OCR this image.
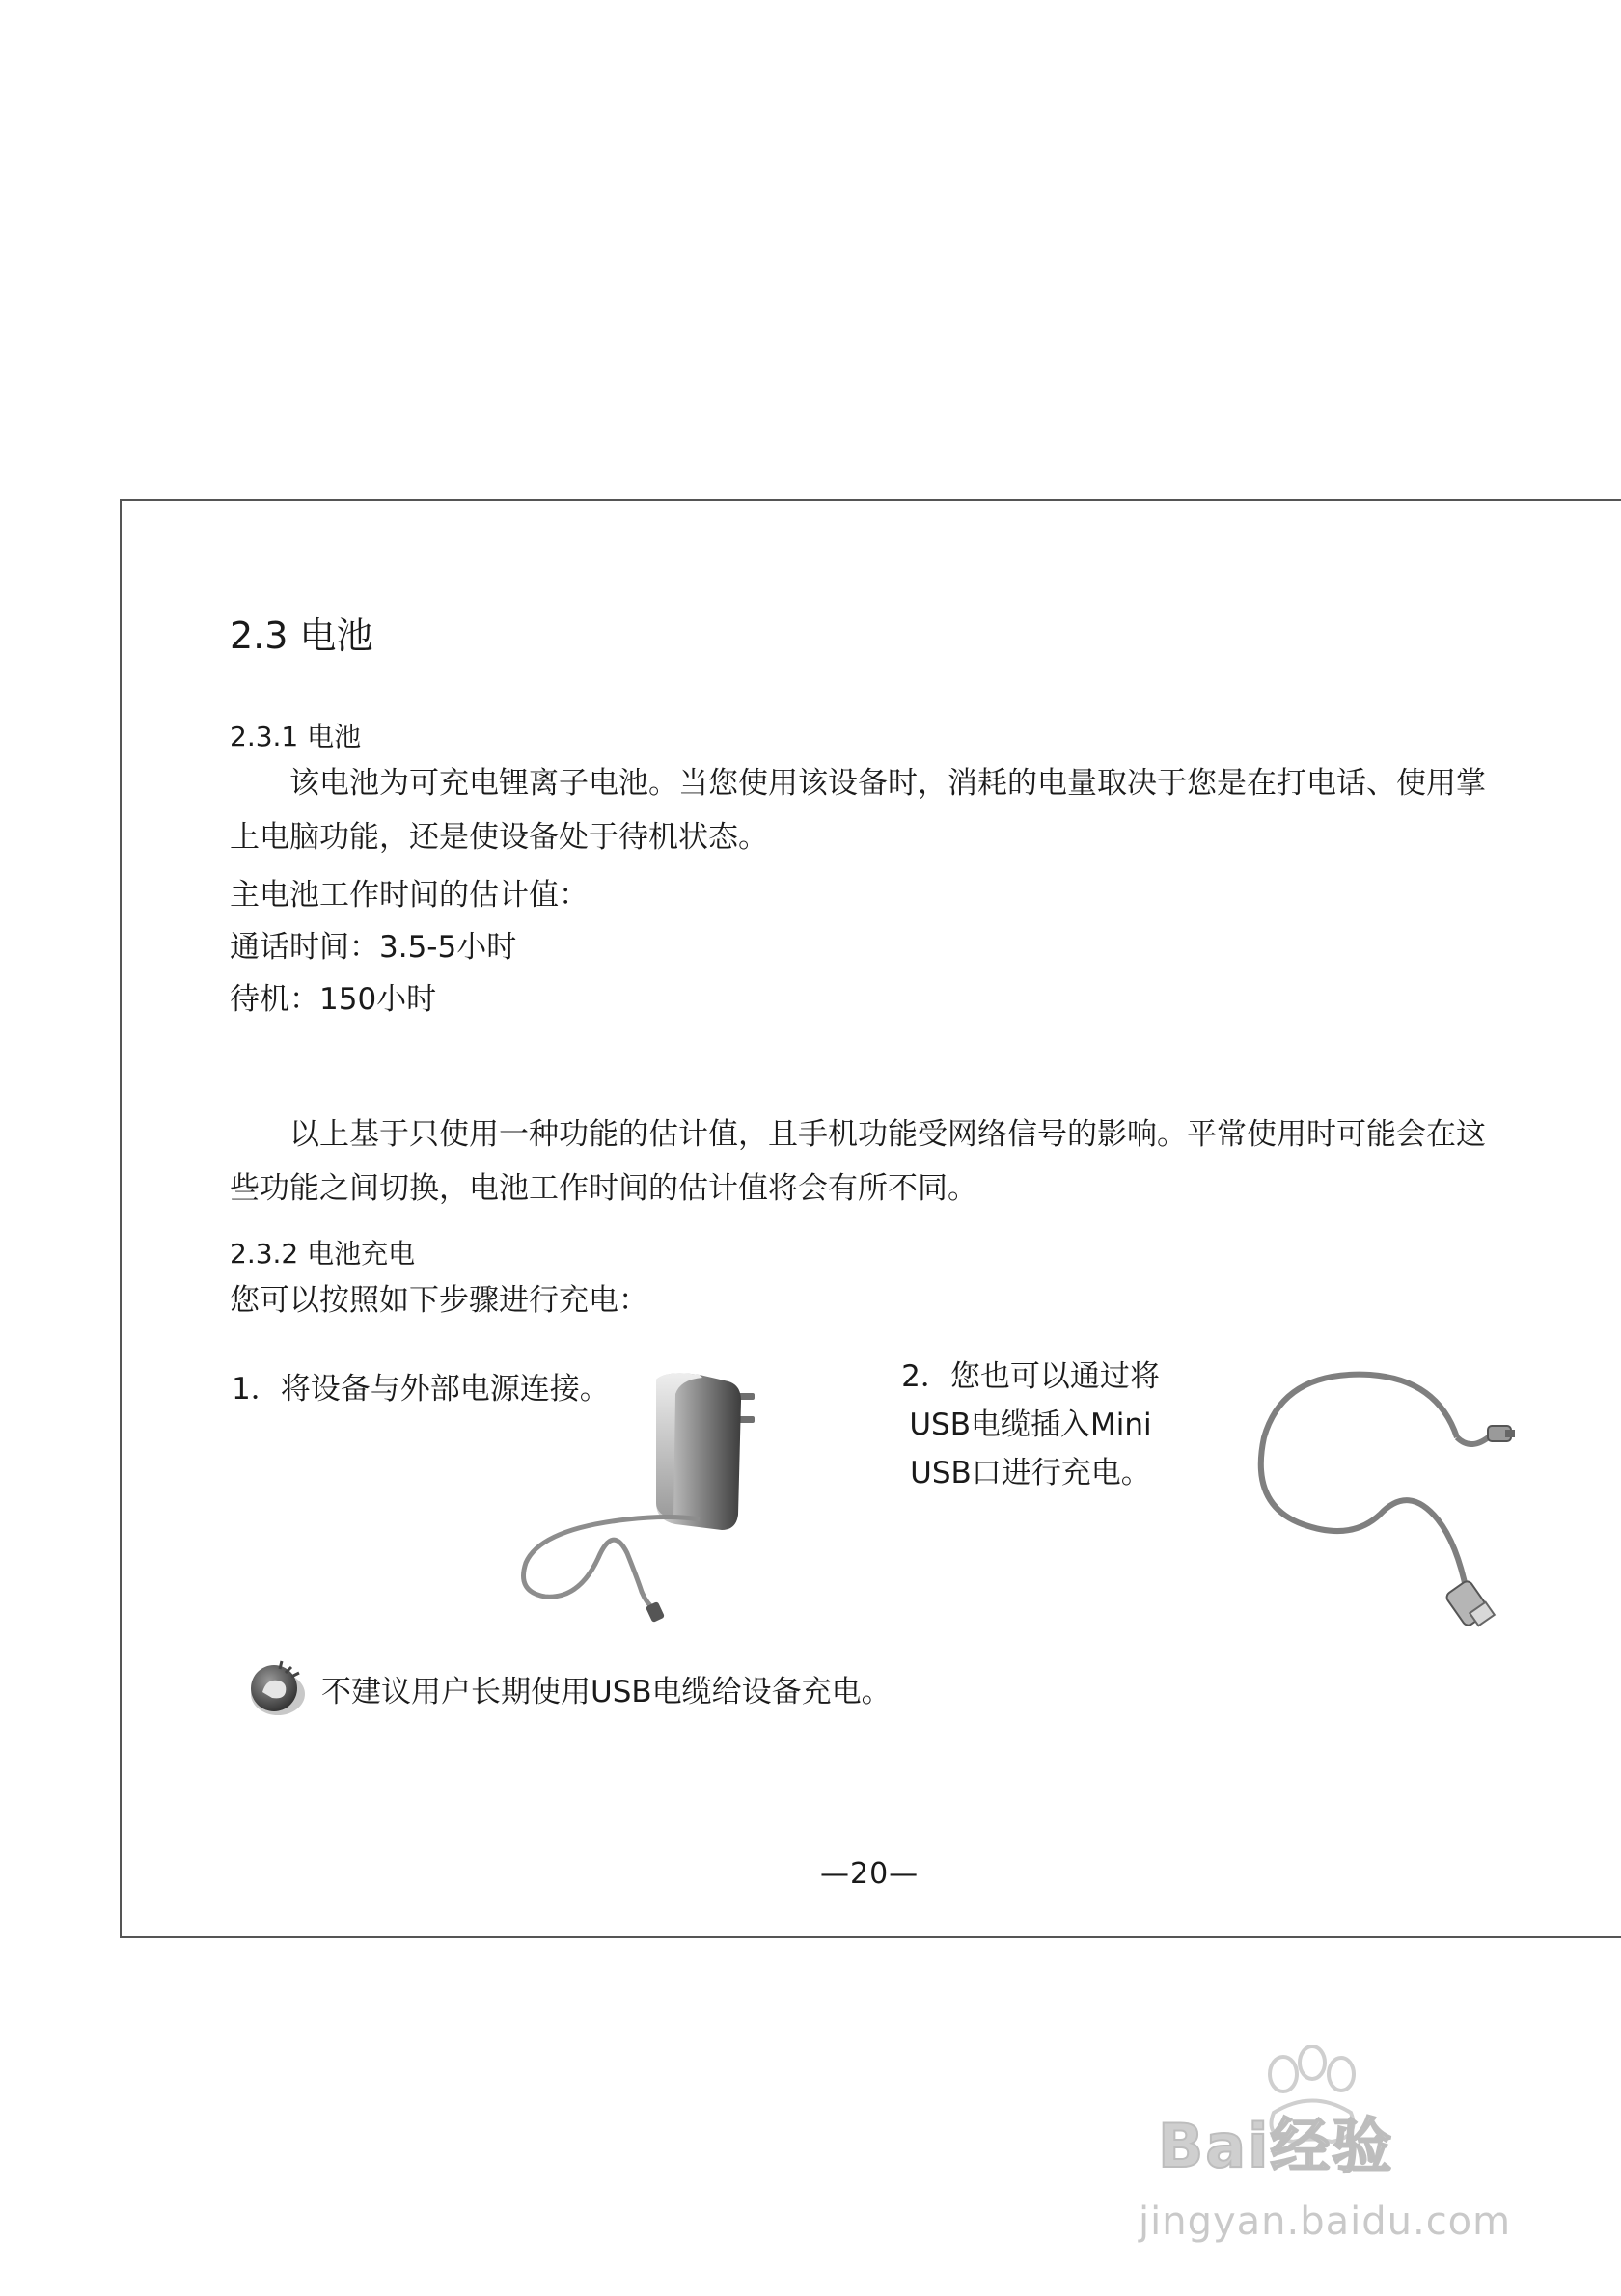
2.3 电池
2.3.1 电池
该电池为可充电锂离子电池。当您使用该设备时，消耗的电量取决于您是在打电话、使用掌上电脑功能，还是使设备处于待机状态。
主电池工作时间的估计值：
通话时间：3.5-5小时
待机：150小时
以上基于只使用一种功能的估计值，且手机功能受网络信号的影响。平常使用时可能会在这些功能之间切换，电池工作时间的估计值将会有所不同。
2.3.2 电池充电
您可以按照如下步骤进行充电：
1．将设备与外部电源连接。	2．您也可以通过将USB电缆插入Mini USB口进行充电。
不建议用户长期使用USB电缆给设备充电。
—20—
Bai经验
jingyan.baidu.com
